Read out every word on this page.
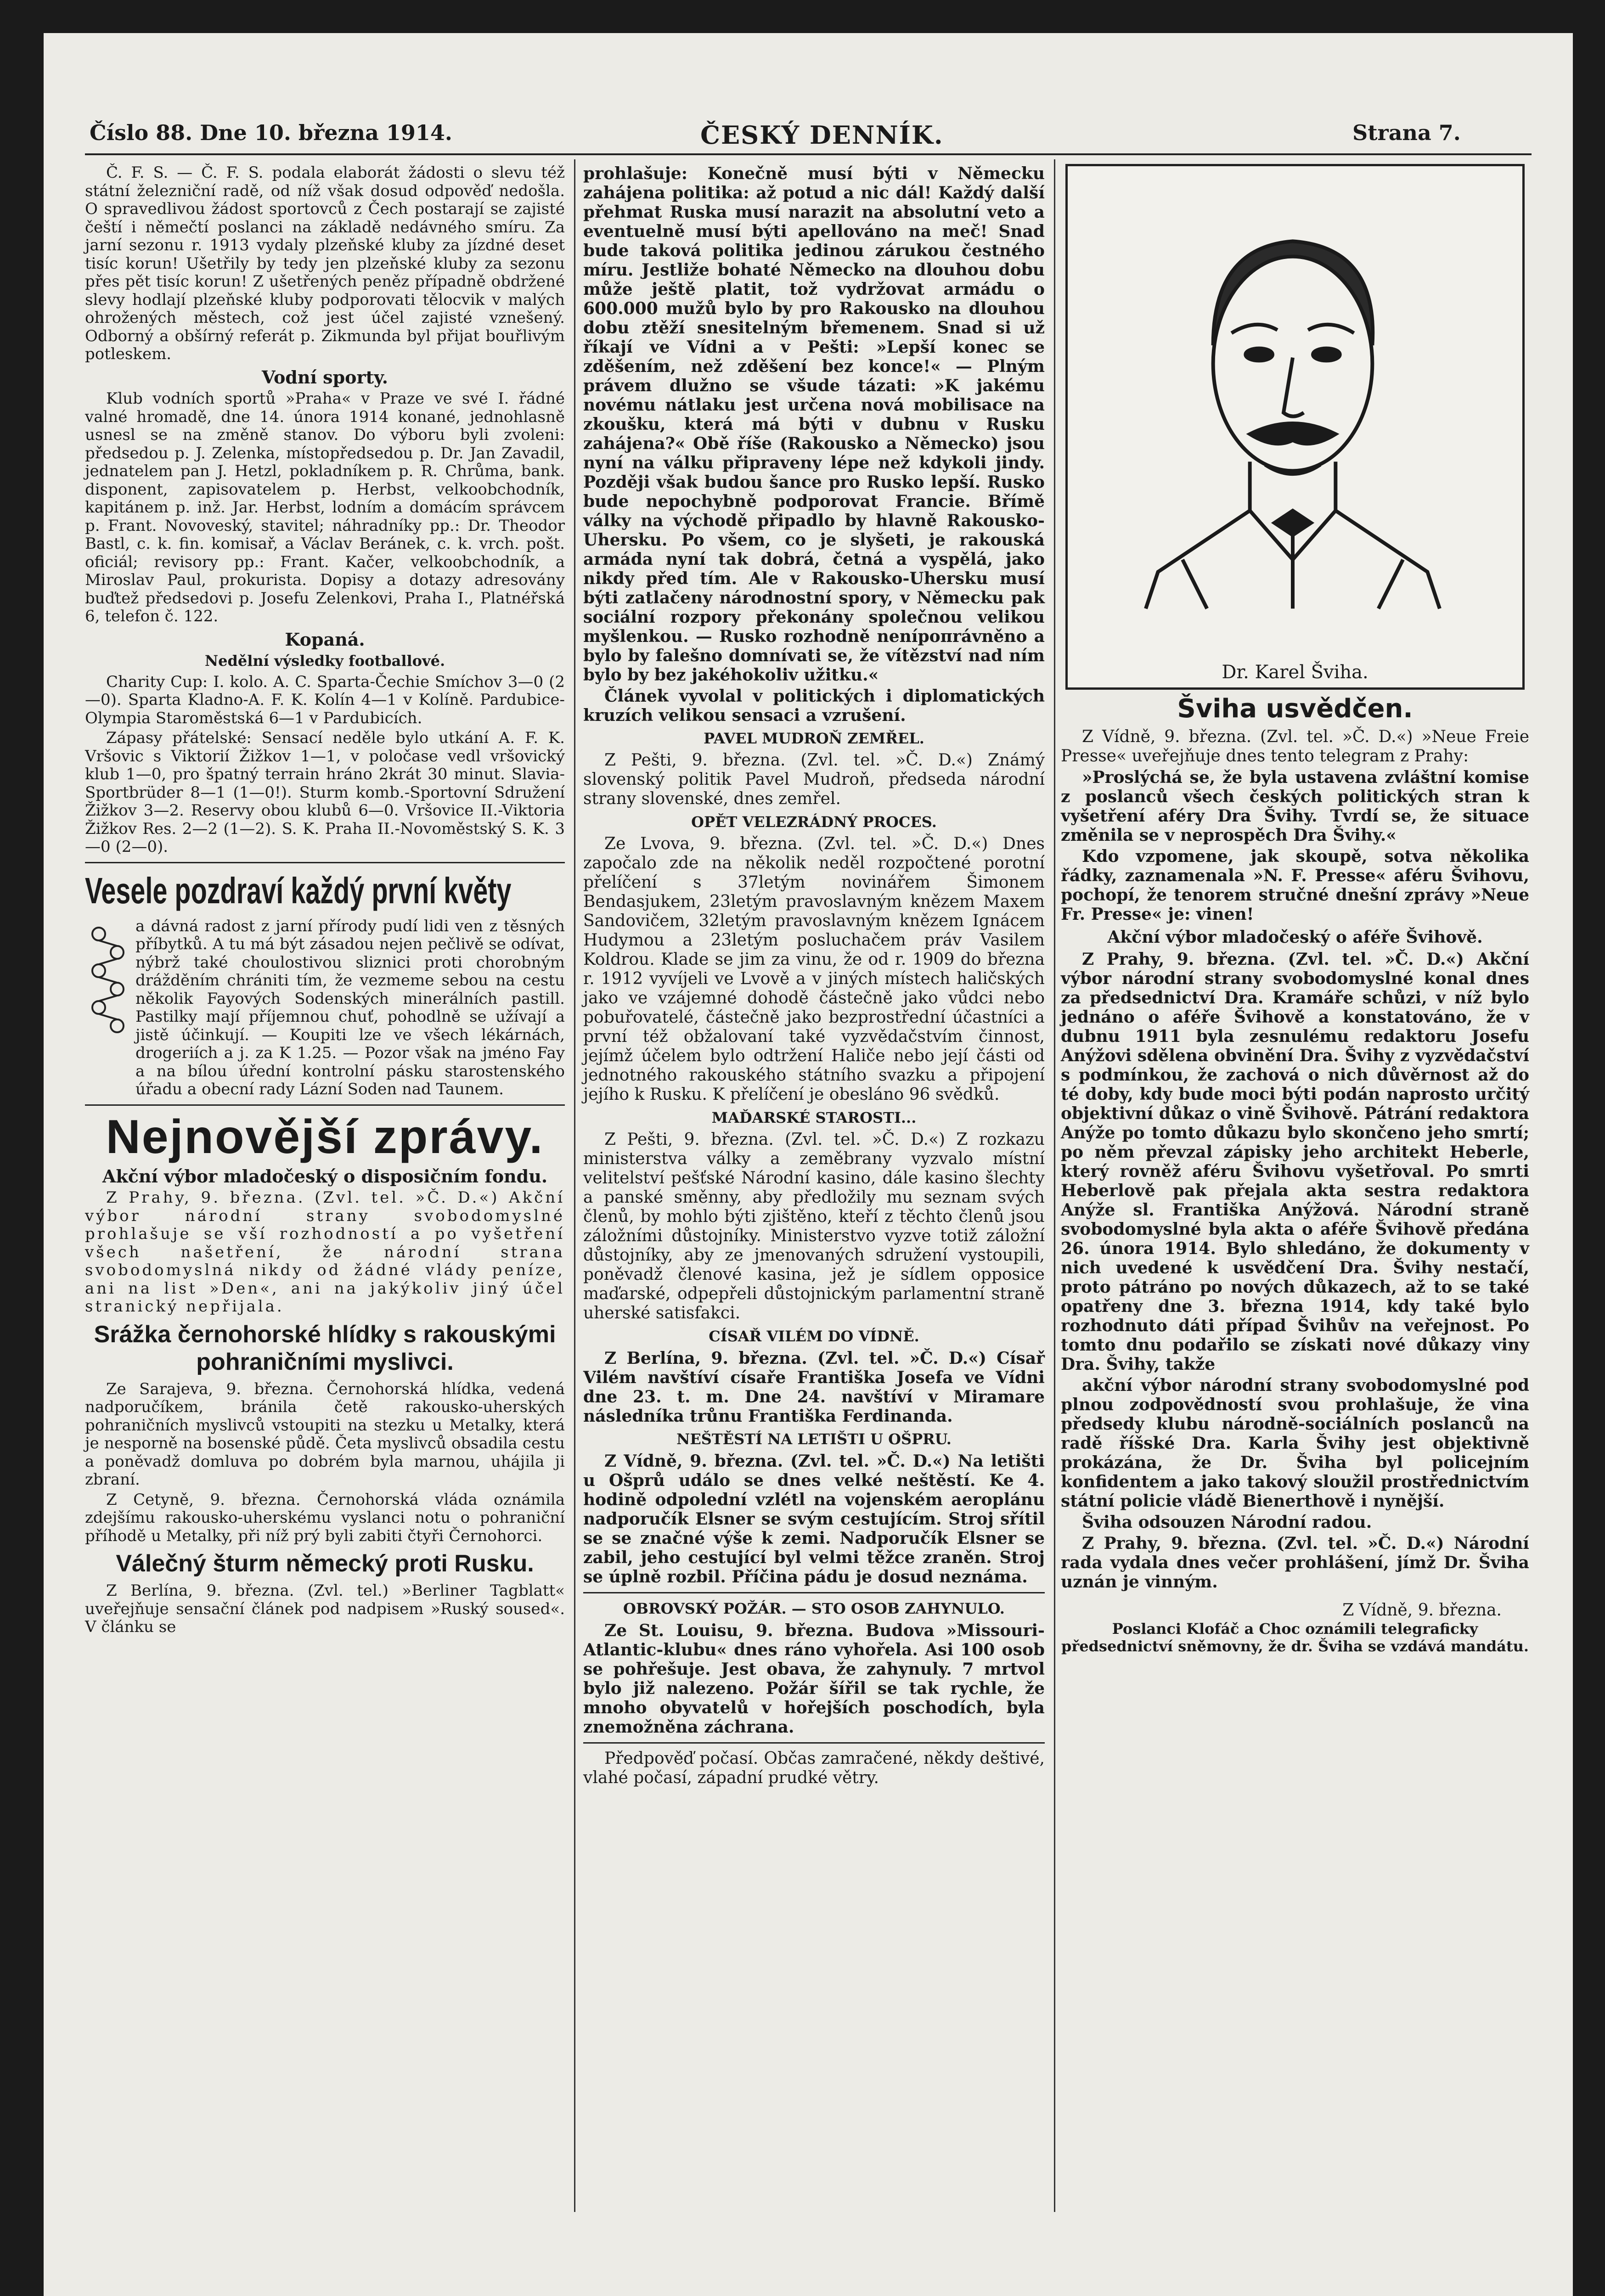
Číslo 88. Dne 10. března 1914.	ČESKÝ DENNÍK.	Strana 7.

Č. F. S. — Č. F. S. podala elaborát žádosti o slevu též státní železniční radě, od níž však dosud odpověď nedošla. O spravedlivou žádost sportovců z Čech postarají se zajisté čeští i němečtí poslanci na základě nedávného smíru. Za jarní sezonu r. 1913 vydaly plzeňské kluby za jízdné deset tisíc korun! Ušetřily by tedy jen plzeňské kluby za sezonu přes pět tisíc korun! Z ušetřených peněz případně obdržené slevy hodlají plzeňské kluby podporovati tělocvik v malých ohrožených městech, což jest účel zajisté vznešený. Odborný a obšírný referát p. Zikmunda byl přijat bouřlivým potleskem.

Vodní sporty.

Klub vodních sportů »Praha« v Praze ve své I. řádné valné hromadě, dne 14. února 1914 konané, jednohlasně usnesl se na změně stanov. Do výboru byli zvoleni: předsedou p. J. Zelenka, místopředsedou p. Dr. Jan Zavadil, jednatelem pan J. Hetzl, pokladníkem p. R. Chrůma, bank. disponent, zapisovatelem p. Herbst, velkoobchodník, kapitánem p. inž. Jar. Herbst, lodním a domácím správcem p. Frant. Novoveský, stavitel; náhradníky pp.: Dr. Theodor Bastl, c. k. fin. komisař, a Václav Beránek, c. k. vrch. pošt. oficiál; revisory pp.: Frant. Kačer, velkoobchodník, a Miroslav Paul, prokurista. Dopisy a dotazy adresovány buďtež předsedovi p. Josefu Zelenkovi, Praha I., Platnéřská 6, telefon č. 122.

Kopaná.
Nedělní výsledky footballové.

Charity Cup: I. kolo. A. C. Sparta-Čechie Smíchov 3—0 (2—0). Sparta Kladno-A. F. K. Kolín 4—1 v Kolíně. Pardubice-Olympia Staroměstská 6—1 v Pardubicích.

Zápasy přátelské: Sensací neděle bylo utkání A. F. K. Vršovic s Viktorií Žižkov 1—1, v poločase vedl vršovický klub 1—0, pro špatný terrain hráno 2krát 30 minut. Slavia-Sportbrüder 8—1 (1—0!). Sturm komb.-Sportovní Sdružení Žižkov 3—2. Reservy obou klubů 6—0. Vršovice II.-Viktoria Žižkov Res. 2—2 (1—2). S. K. Praha II.-Novoměstský S. K. 3—0 (2—0).

Vesele pozdraví každý první květy

a dávná radost z jarní přírody pudí lidi ven z těsných příbytků. A tu má být zásadou nejen pečlivě se odívat, nýbrž také choulostivou sliznici proti chorobným drážděním chrániti tím, že vezmeme sebou na cestu několik Fayových Sodenských minerálních pastill. Pastilky mají příjemnou chuť, pohodlně se užívají a jistě účinkují. — Koupiti lze ve všech lékárnách, drogeriích a j. za K 1.25. — Pozor však na jméno Fay a na bílou úřední kontrolní pásku starostenského úřadu a obecní rady Lázní Soden nad Taunem.

Nejnovější zprávy.
Akční výbor mladočeský o disposičním fondu.

Z Prahy, 9. března. (Zvl. tel. »Č. D.«) Akční výbor národní strany svobodomyslné prohlašuje se vší rozhodností a po vyšetření všech našetření, že národní strana svobodomyslná nikdy od žádné vlády peníze, ani na list »Den«, ani na jakýkoliv jiný účel stranický nepřijala.

Srážka černohorské hlídky s rakouskými pohraničními myslivci.

Ze Sarajeva, 9. března. Černohorská hlídka, vedená nadporučíkem, bránila četě rakousko-uherských pohraničních myslivců vstoupiti na stezku u Metalky, která je nesporně na bosenské půdě. Četa myslivců obsadila cestu a poněvadž domluva po dobrém byla marnou, uhájila ji zbraní.

Z Cetyně, 9. března. Černohorská vláda oznámila zdejšímu rakousko-uherskému vyslanci notu o pohraniční příhodě u Metalky, při níž prý byli zabiti čtyři Černohorci.

Válečný šturm německý proti Rusku.

Z Berlína, 9. března. (Zvl. tel.) »Berliner Tagblatt« uveřejňuje sensační článek pod nadpisem »Ruský soused«. V článku se

prohlašuje: Konečně musí býti v Německu zahájena politika: až potud a nic dál! Každý další přehmat Ruska musí narazit na absolutní veto a eventuelně musí býti apellováno na meč! Snad bude taková politika jedinou zárukou čestného míru. Jestliže bohaté Německo na dlouhou dobu může ještě platit, tož vydržovat armádu o 600.000 mužů bylo by pro Rakousko na dlouhou dobu ztěží snesitelným břemenem. Snad si už říkají ve Vídni a v Pešti: »Lepší konec se zděšením, než zděšení bez konce!« — Plným právem dlužno se všude tázati: »K jakému novému nátlaku jest určena nová mobilisace na zkoušku, která má býti v dubnu v Rusku zahájena?« Obě říše (Rakousko a Německo) jsou nyní na válku připraveny lépe než kdykoli jindy. Později však budou šance pro Rusko lepší. Rusko bude nepochybně podporovat Francie. Břímě války na východě připadlo by hlavně Rakousko-Uhersku. Po všem, co je slyšeti, je rakouská armáda nyní tak dobrá, četná a vyspělá, jako nikdy před tím. Ale v Rakousko-Uhersku musí býti zatlačeny národnostní spory, v Německu pak sociální rozpory překonány společnou velikou myšlenkou. — Rusko rozhodně neníропrávněno a bylo by falešno domnívati se, že vítězství nad ním bylo by bez jakéhokoliv užitku.«

Článek vyvolal v politických i diplomatických kruzích velikou sensaci a vzrušení.

PAVEL MUDROŇ ZEMŘEL.

Z Pešti, 9. března. (Zvl. tel. »Č. D.«) Známý slovenský politik Pavel Mudroň, předseda národní strany slovenské, dnes zemřel.

OPĚT VELEZRÁDNÝ PROCES.

Ze Lvova, 9. března. (Zvl. tel. »Č. D.«) Dnes započalo zde na několik neděl rozpočtené porotní přelíčení s 37letým novinářem Šimonem Bendasjukem, 23letým pravoslavným knězem Maxem Sandovičem, 32letým pravoslavným knězem Ignácem Hudymou a 23letým posluchačem práv Vasilem Koldrou. Klade se jim za vinu, že od r. 1909 do března r. 1912 vyvíjeli ve Lvově a v jiných místech haličských jako ve vzájemné dohodě částečně jako vůdci nebo pobuřovatelé, částečně jako bezprostřední účastníci a první též obžalovaní také vyzvědačstvím činnost, jejímž účelem bylo odtržení Haliče nebo její části od jednotného rakouského státního svazku a připojení jejího k Rusku. K přelíčení je obesláno 96 svědků.

MAĎARSKÉ STAROSTI...

Z Pešti, 9. března. (Zvl. tel. »Č. D.«) Z rozkazu ministerstva války a zeměbrany vyzvalo místní velitelství pešťské Národní kasino, dále kasino šlechty a panské směnny, aby předložily mu seznam svých členů, by mohlo býti zjištěno, kteří z těchto členů jsou záložními důstojníky. Ministerstvo vyzve totiž záložní důstojníky, aby ze jmenovaných sdružení vystoupili, poněvadž členové kasina, jež je sídlem opposice maďarské, odpepřeli důstojnickým parlamentní straně uherské satisfakci.

CÍSAŘ VILÉM DO VÍDNĚ.

Z Berlína, 9. března. (Zvl. tel. »Č. D.«) Císař Vilém navštíví císaře Františka Josefa ve Vídni dne 23. t. m. Dne 24. navštíví v Miramare následníka trůnu Františka Ferdinanda.

NEŠTĚSTÍ NA LETIŠTI U OŠPRU.

Z Vídně, 9. března. (Zvl. tel. »Č. D.«) Na letišti u Ošprů událo se dnes velké neštěstí. Ke 4. hodině odpolední vzlétl na vojenském aeroplánu nadporučík Elsner se svým cestujícím. Stroj sřítil se se značné výše k zemi. Nadporučík Elsner se zabil, jeho cestující byl velmi těžce zraněn. Stroj se úplně rozbil. Příčina pádu je dosud neznáma.

OBROVSKÝ POŽÁR. — STO OSOB ZAHYNULO.

Ze St. Louisu, 9. března. Budova »Missouri-Atlantic-klubu« dnes ráno vyhořela. Asi 100 osob se pohřešuje. Jest obava, že zahynuly. 7 mrtvol bylo již nalezeno. Požár šířil se tak rychle, že mnoho obyvatelů v hořejších poschodích, byla znemožněna záchrana.

Předpověď počasí. Občas zamračené, někdy deštivé, vlahé počasí, západní prudké větry.

Dr. Karel Šviha.
Šviha usvědčen.

Z Vídně, 9. března. (Zvl. tel. »Č. D.«) »Neue Freie Presse« uveřejňuje dnes tento telegram z Prahy:

»Proslýchá se, že byla ustavena zvláštní komise z poslanců všech českých politických stran k vyšetření aféry Dra Švihy. Tvrdí se, že situace změnila se v neprospěch Dra Švihy.«

Kdo vzpomene, jak skoupě, sotva několika řádky, zaznamenala »N. F. Presse« aféru Švihovu, pochopí, že tenorem stručné dnešní zprávy »Neue Fr. Presse« je: vinen!

Akční výbor mladočeský o aféře Švihově.

Z Prahy, 9. března. (Zvl. tel. »Č. D.«) Akční výbor národní strany svobodomyslné konal dnes za předsednictví Dra. Kramáře schůzi, v níž bylo jednáno o aféře Švihově a konstatováno, že v dubnu 1911 byla zesnulému redaktoru Josefu Anýžovi sdělena obvinění Dra. Švihy z vyzvědačství s podmínkou, že zachová o nich důvěrnost až do té doby, kdy bude moci býti podán naprosto určitý objektivní důkaz o vině Švihově. Pátrání redaktora Anýže po tomto důkazu bylo skončeno jeho smrtí; po něm převzal zápisky jeho architekt Heberle, který rovněž aféru Švihovu vyšetřoval. Po smrti Heberlově pak přejala akta sestra redaktora Anýže sl. Františka Anýžová. Národní straně svobodomyslné byla akta o aféře Švihově předána 26. února 1914. Bylo shledáno, že dokumenty v nich uvedené k usvědčení Dra. Švihy nestačí, proto pátráno po nových důkazech, až to se také opatřeny dne 3. března 1914, kdy také bylo rozhodnuto dáti případ Švihův na veřejnost. Po tomto dnu podařilo se získati nové důkazy viny Dra. Švihy, takže

akční výbor národní strany svobodomyslné pod plnou zodpovědností svou prohlašuje, že vina předsedy klubu národně-sociálních poslanců na radě říšské Dra. Karla Švihy jest objektivně prokázána, že Dr. Šviha byl policejním konfidentem a jako takový sloužil prostřednictvím státní policie vládě Bienerthově i nynější.

Šviha odsouzen Národní radou.

Z Prahy, 9. března. (Zvl. tel. »Č. D.«) Národní rada vydala dnes večer prohlášení, jímž Dr. Šviha uznán je vinným.

Z Vídně, 9. března.

Poslanci Klofáč a Choc oznámili telegraficky předsednictví sněmovny, že dr. Šviha se vzdává mandátu.
